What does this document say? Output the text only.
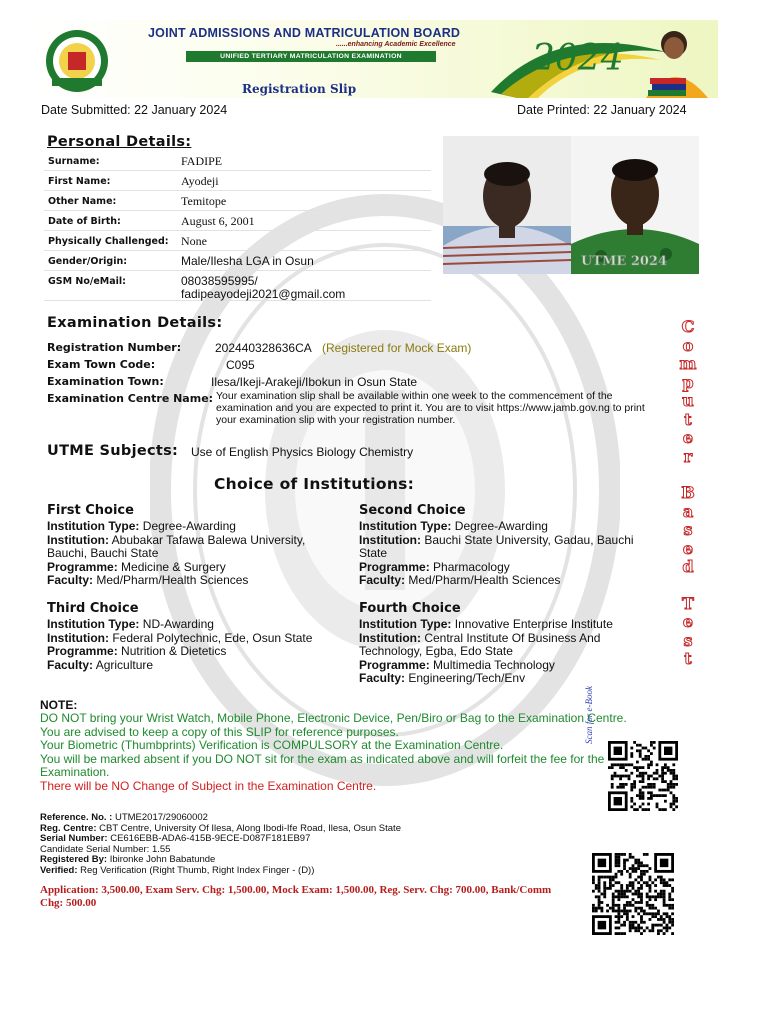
JOINT ADMISSIONS AND MATRICULATION BOARD
......enhancing Academic Excellence
UNIFIED TERTIARY MATRICULATION EXAMINATION
Registration Slip
2024
Date Submitted: 22 January 2024	Date Printed: 22 January 2024
Personal Details:
Surname:	FADIPE
First Name:	Ayodeji
Other Name:	Temitope
Date of Birth:	August 6, 2001
Physically Challenged: None
Gender/Origin:	Male/Ilesha LGA in Osun
GSM No/eMail:	08038595995/
fadipeayodeji2021@gmail.com
UTME 2024
Examination Details:
Registration Number:	202440328636CA (Registered for Mock Exam)
Exam Town Code:	C095
Examination Town:	Ilesa/Ikeji-Arakeji/Ibokun in Osun State
Examination Centre Name: Your examination slip shall be available within one week to the commencement of the examination and you are expected to print it. You are to visit https://www.jamb.gov.ng to print your examination slip with your registration number.
UTME Subjects: Use of English Physics Biology Chemistry
Choice of Institutions:
First Choice
Institution Type: Degree-Awarding
Institution: Abubakar Tafawa Balewa University, Bauchi, Bauchi State
Programme: Medicine & Surgery
Faculty: Med/Pharm/Health Sciences
Second Choice
Institution Type: Degree-Awarding
Institution: Bauchi State University, Gadau, Bauchi State
Programme: Pharmacology
Faculty: Med/Pharm/Health Sciences
Third Choice
Institution Type: ND-Awarding
Institution: Federal Polytechnic, Ede, Osun State
Programme: Nutrition & Dietetics
Faculty: Agriculture
Fourth Choice
Institution Type: Innovative Enterprise Institute
Institution: Central Institute Of Business And Technology, Egba, Edo State
Programme: Multimedia Technology
Faculty: Engineering/Tech/Env
C
o
m
p
u
t
e
r
B
a
s
e
d
T
e
s
t
NOTE:
DO NOT bring your Wrist Watch, Mobile Phone, Electronic Device, Pen/Biro or Bag to the Examination Centre.
You are advised to keep a copy of this SLIP for reference purposes.
Your Biometric (Thumbprints) Verification is COMPULSORY at the Examination Centre.
You will be marked absent if you DO NOT sit for the exam as indicated above and will forfeit the fee for the Examination.
There will be NO Change of Subject in the Examination Centre.
Reference. No. : UTME2017/29060002
Reg. Centre: CBT Centre, University Of Ilesa, Along Ibodi-Ife Road, Ilesa, Osun State
Serial Number: CE616EBB-ADA6-415B-9ECE-D087F181EB97
Candidate Serial Number: 1.55
Registered By: Ibironke John Babatunde
Verified: Reg Verification (Right Thumb, Right Index Finger - (D))
Application: 3,500.00, Exam Serv. Chg: 1,500.00, Mock Exam: 1,500.00, Reg. Serv. Chg: 700.00, Bank/Comm Chg: 500.00
Scan for e-Book
